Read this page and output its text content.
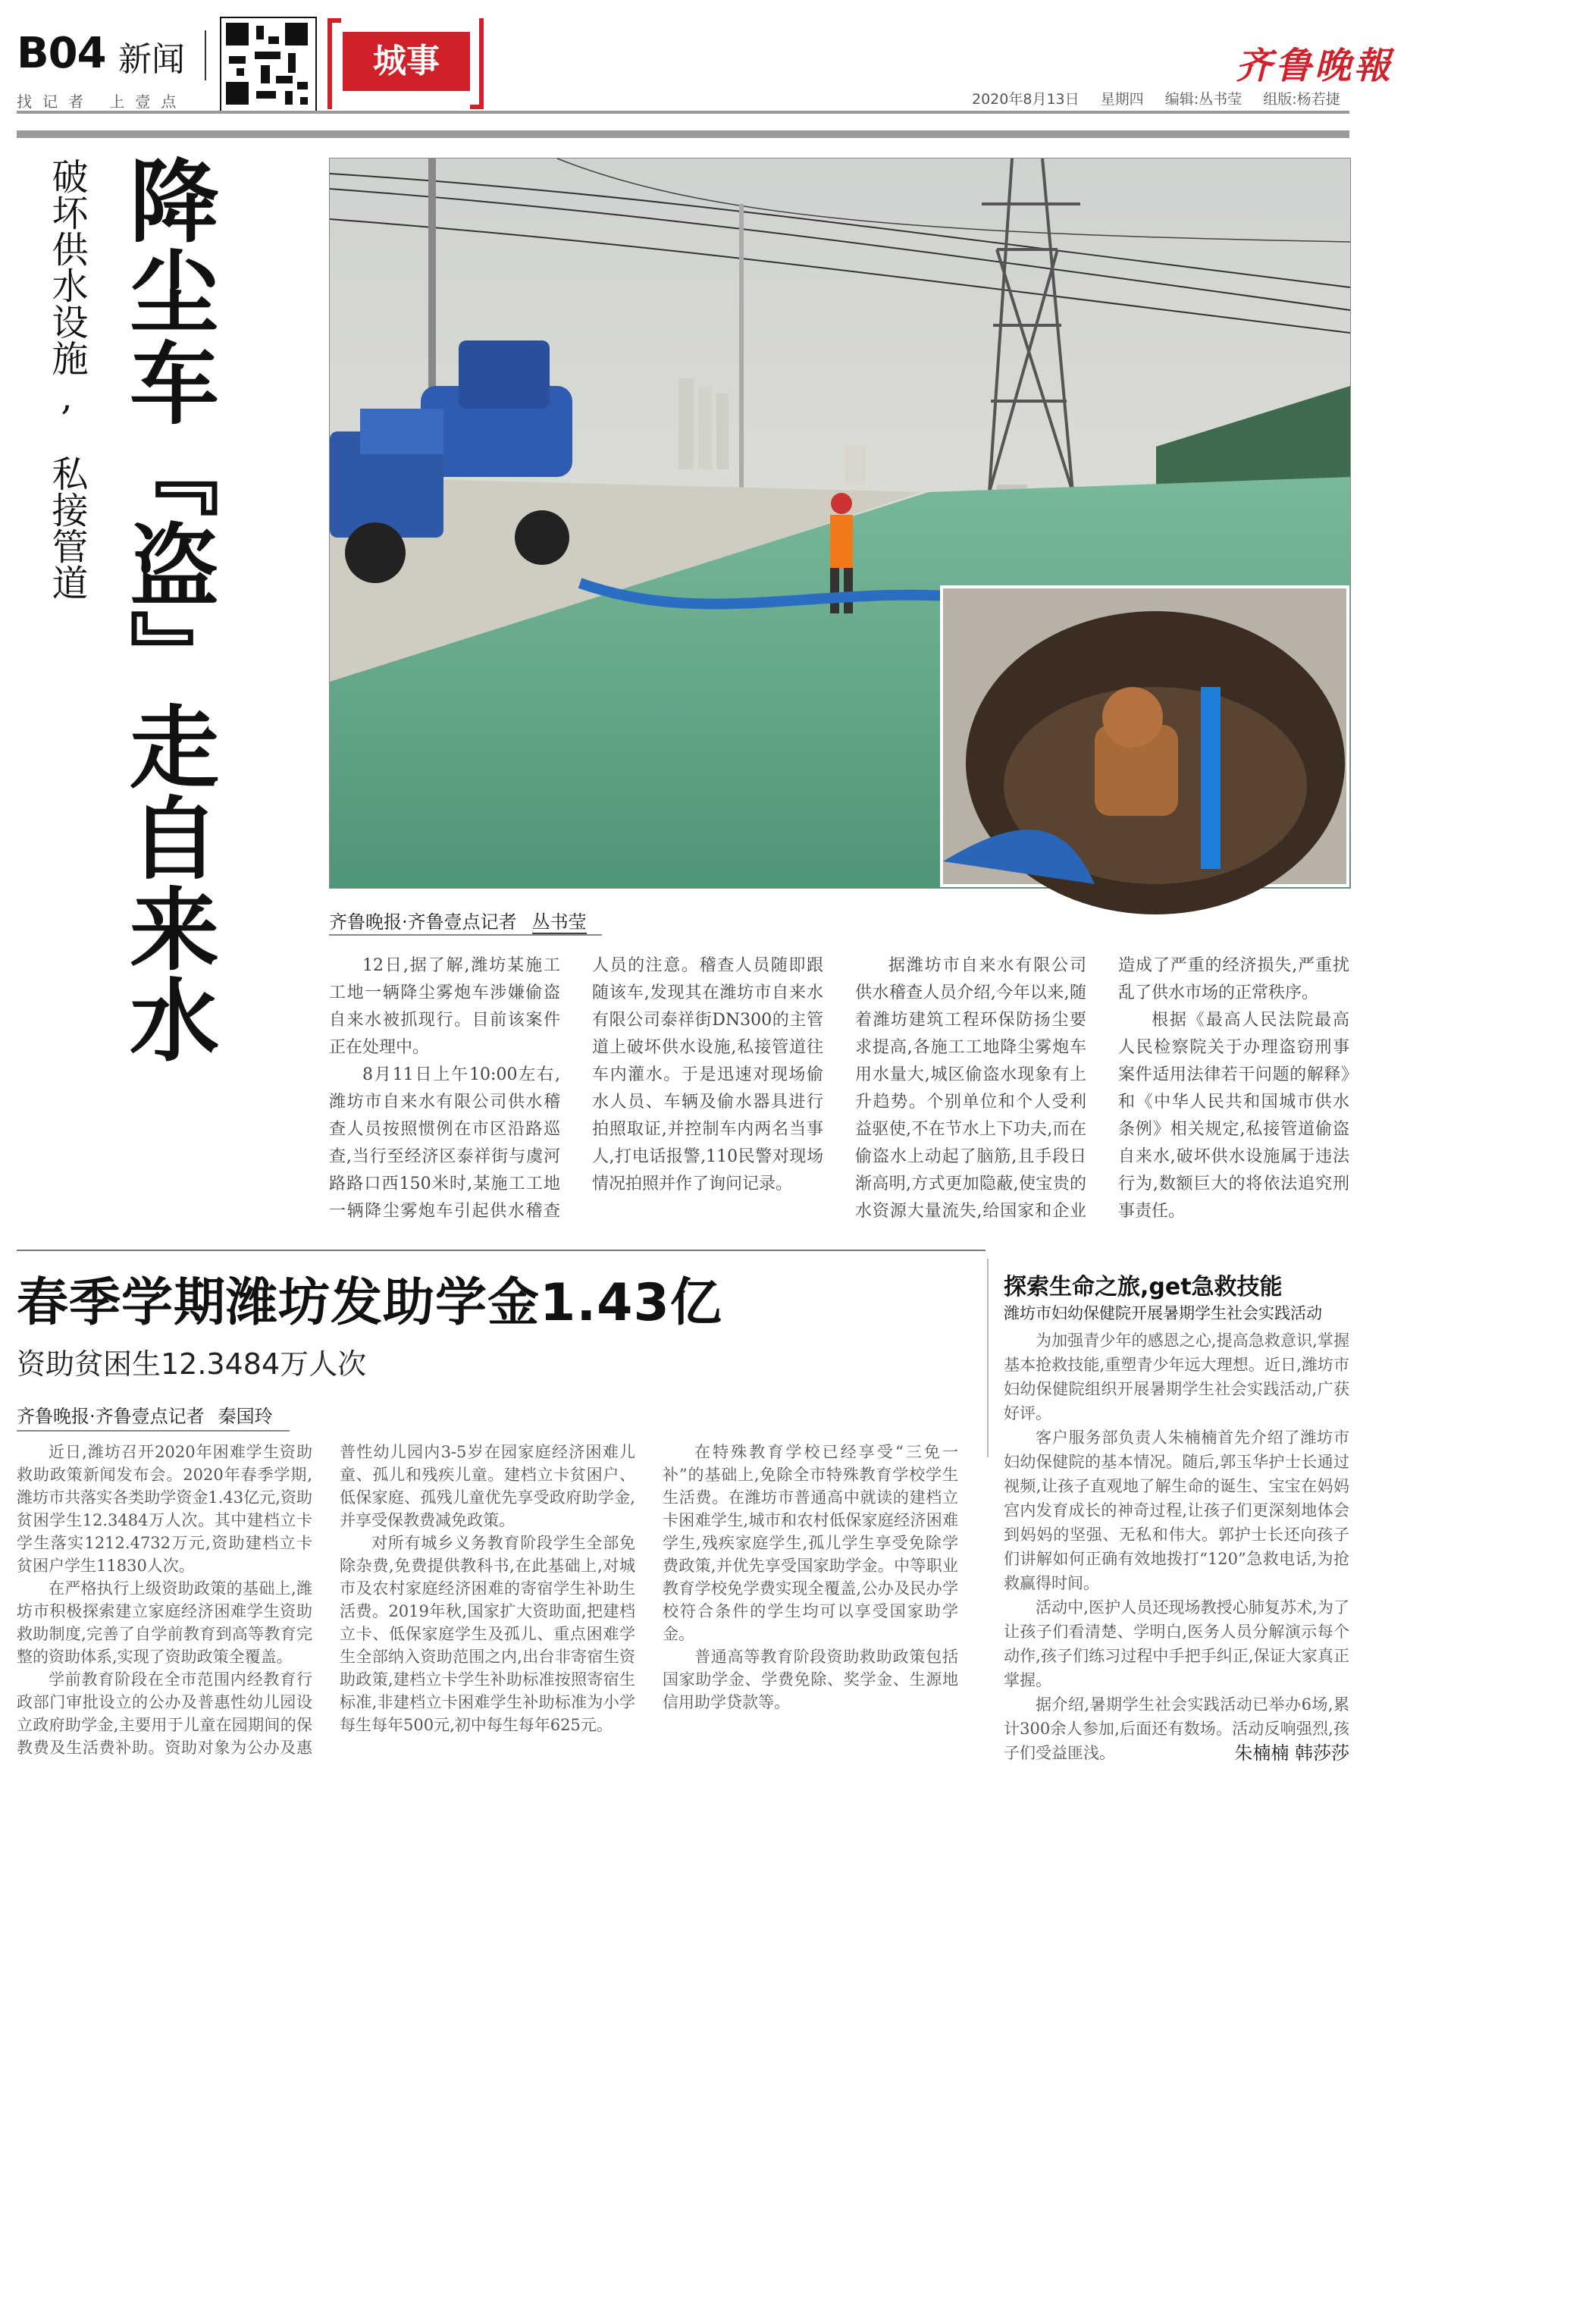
B04 新闻
找记者 上壹点
城事	齐鲁晚報
2020年8月13日 星期四 编辑:丛书莹 组版:杨若捷
破坏供水设施,
私接管道 降尘车『盗』走自来水	齐鲁晚报·齐鲁壹点记者 丛书莹

12日,据了解,潍坊某施工工地一辆降尘雾炮车涉嫌偷盗自来水被抓现行。目前该案件正在处理中。

8月11日上午10:00左右,潍坊市自来水有限公司供水稽查人员按照惯例在市区沿路巡查,当行至经济区泰祥街与虞河路路口西150米时,某施工工地一辆降尘雾炮车引起供水稽查人员的注意。稽查人员随即跟随该车,发现其在潍坊市自来水有限公司泰祥街DN300的主管道上破坏供水设施,私接管道往车内灌水。于是迅速对现场偷水人员、车辆及偷水器具进行拍照取证,并控制车内两名当事人,打电话报警,110民警对现场情况拍照并作了询问记录。

据潍坊市自来水有限公司供水稽查人员介绍,今年以来,随着潍坊建筑工程环保防扬尘要求提高,各施工工地降尘雾炮车用水量大,城区偷盗水现象有上升趋势。个别单位和个人受利益驱使,不在节水上下功夫,而在偷盗水上动起了脑筋,且手段日渐高明,方式更加隐蔽,使宝贵的水资源大量流失,给国家和企业造成了严重的经济损失,严重扰乱了供水市场的正常秩序。

根据《最高人民法院最高人民检察院关于办理盗窃刑事案件适用法律若干问题的解释》和《中华人民共和国城市供水条例》相关规定,私接管道偷盗自来水,破坏供水设施属于违法行为,数额巨大的将依法追究刑事责任。

春季学期潍坊发助学金1.43亿
资助贫困生12.3484万人次
齐鲁晚报·齐鲁壹点记者 秦国玲

近日,潍坊召开2020年困难学生资助救助政策新闻发布会。2020年春季学期,潍坊市共落实各类助学资金1.43亿元,资助贫困学生12.3484万人次。其中建档立卡学生落实1212.4732万元,资助建档立卡贫困户学生11830人次。

在严格执行上级资助政策的基础上,潍坊市积极探索建立家庭经济困难学生资助救助制度,完善了自学前教育到高等教育完整的资助体系,实现了资助政策全覆盖。

学前教育阶段在全市范围内经教育行政部门审批设立的公办及普惠性幼儿园设立政府助学金,主要用于儿童在园期间的保教费及生活费补助。资助对象为公办及惠普性幼儿园内3-5岁在园家庭经济困难儿童、孤儿和残疾儿童。建档立卡贫困户、低保家庭、孤残儿童优先享受政府助学金,并享受保教费减免政策。

对所有城乡义务教育阶段学生全部免除杂费,免费提供教科书,在此基础上,对城市及农村家庭经济困难的寄宿学生补助生活费。2019年秋,国家扩大资助面,把建档立卡、低保家庭学生及孤儿、重点困难学生全部纳入资助范围之内,出台非寄宿生资助政策,建档立卡学生补助标准按照寄宿生标准,非建档立卡困难学生补助标准为小学每生每年500元,初中每生每年625元。

在特殊教育学校已经享受“三免一补”的基础上,免除全市特殊教育学校学生生活费。在潍坊市普通高中就读的建档立卡困难学生,城市和农村低保家庭经济困难学生,残疾家庭学生,孤儿学生享受免除学费政策,并优先享受国家助学金。中等职业教育学校免学费实现全覆盖,公办及民办学校符合条件的学生均可以享受国家助学金。

普通高等教育阶段资助救助政策包括国家助学金、学费免除、奖学金、生源地信用助学贷款等。

探索生命之旅,get急救技能
潍坊市妇幼保健院开展暑期学生社会实践活动

为加强青少年的感恩之心,提高急救意识,掌握基本抢救技能,重塑青少年远大理想。近日,潍坊市妇幼保健院组织开展暑期学生社会实践活动,广获好评。

客户服务部负责人朱楠楠首先介绍了潍坊市妇幼保健院的基本情况。随后,郭玉华护士长通过视频,让孩子直观地了解生命的诞生、宝宝在妈妈宫内发育成长的神奇过程,让孩子们更深刻地体会到妈妈的坚强、无私和伟大。郭护士长还向孩子们讲解如何正确有效地拨打“120”急救电话,为抢救赢得时间。

活动中,医护人员还现场教授心肺复苏术,为了让孩子们看清楚、学明白,医务人员分解演示每个动作,孩子们练习过程中手把手纠正,保证大家真正掌握。

据介绍,暑期学生社会实践活动已举办6场,累计300余人参加,后面还有数场。活动反响强烈,孩子们受益匪浅。	朱楠楠 韩莎莎
